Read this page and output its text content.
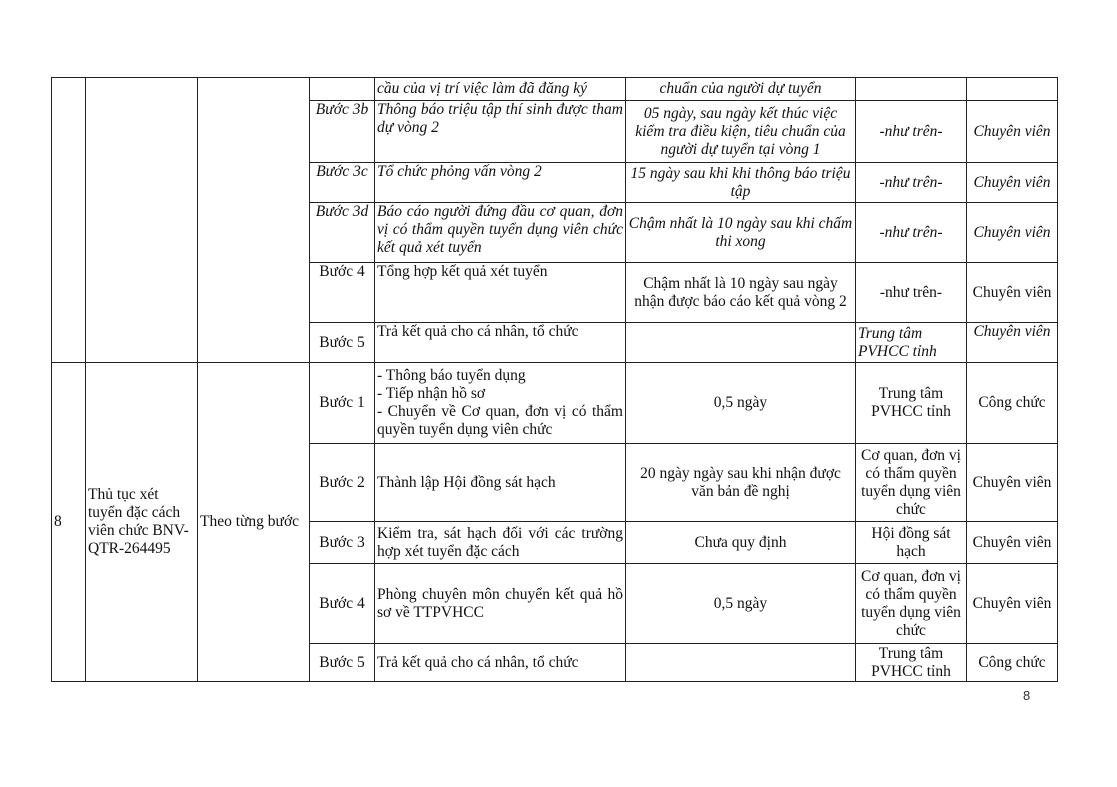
				cầu của vị trí việc làm đã đăng ký	chuẩn của người dự tuyển		
			Bước 3b	Thông báo triệu tập thí sinh được tham dự vòng 2	05 ngày, sau ngày kết thúc việc kiểm tra điều kiện, tiêu chuẩn của người dự tuyển tại vòng 1	-như trên-	Chuyên viên
			Bước 3c	Tổ chức phỏng vấn vòng 2	15 ngày sau khi khi thông báo triệu tập	-như trên-	Chuyên viên
			Bước 3d	Báo cáo người đứng đầu cơ quan, đơn vị có thẩm quyền tuyển dụng viên chức kết quả xét tuyển	Chậm nhất là 10 ngày sau khi chấm thi xong	-như trên-	Chuyên viên
			Bước 4	Tổng hợp kết quả xét tuyển	Chậm nhất là 10 ngày sau ngày nhận được báo cáo kết quả vòng 2	-như trên-	Chuyên viên
			Bước 5	Trả kết quả cho cá nhân, tổ chức		Trung tâm PVHCC tỉnh	Chuyên viên
8	Thủ tục xét tuyển đặc cách viên chức BNV-QTR-264495	Theo từng bước	Bước 1	- Thông báo tuyển dụng
- Tiếp nhận hồ sơ
- Chuyển về Cơ quan, đơn vị có thẩm quyền tuyển dụng viên chức	0,5 ngày	Trung tâm PVHCC tỉnh	Công chức
			Bước 2	Thành lập Hội đồng sát hạch	20 ngày ngày sau khi nhận được văn bản đề nghị	Cơ quan, đơn vị có thẩm quyền tuyển dụng viên chức	Chuyên viên
			Bước 3	Kiểm tra, sát hạch đối với các trường hợp xét tuyển đặc cách	Chưa quy định	Hội đồng sát hạch	Chuyên viên
			Bước 4	Phòng chuyên môn chuyển kết quả hồ sơ về TTPVHCC	0,5 ngày	Cơ quan, đơn vị có thẩm quyền tuyển dụng viên chức	Chuyên viên
			Bước 5	Trả kết quả cho cá nhân, tổ chức		Trung tâm PVHCC tỉnh	Công chức
8
